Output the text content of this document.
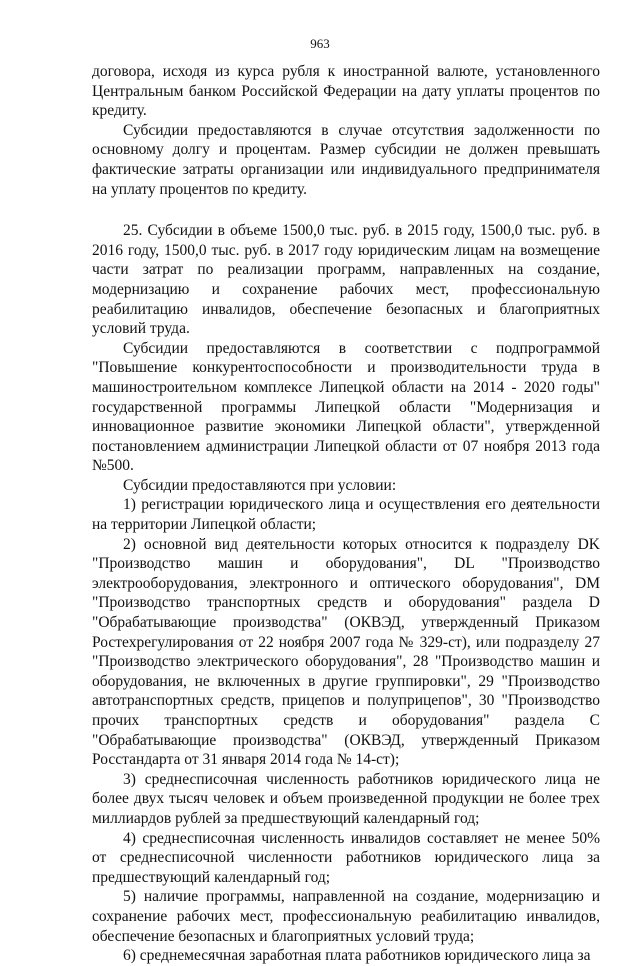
963

договора, исходя из курса рубля к иностранной валюте, установленного Центральным банком Российской Федерации на дату уплаты процентов по кредиту.

Субсидии предоставляются в случае отсутствия задолженности по основному долгу и процентам. Размер субсидии не должен превышать фактические затраты организации или индивидуального предпринимателя на уплату процентов по кредиту.

25. Субсидии в объеме 1500,0 тыс. руб. в 2015 году, 1500,0 тыс. руб. в 2016 году, 1500,0 тыс. руб. в 2017 году юридическим лицам на возмещение части затрат по реализации программ, направленных на создание, модернизацию и сохранение рабочих мест, профессиональную реабилитацию инвалидов, обеспечение безопасных и благоприятных условий труда.

Субсидии предоставляются в соответствии с подпрограммой "Повышение конкурентоспособности и производительности труда в машиностроительном комплексе Липецкой области на 2014 - 2020 годы" государственной программы Липецкой области "Модернизация и инновационное развитие экономики Липецкой области", утвержденной постановлением администрации Липецкой области от 07 ноября 2013 года №500.

Субсидии предоставляются при условии:

1) регистрации юридического лица и осуществления его деятельности на территории Липецкой области;

2) основной вид деятельности которых относится к подразделу DK "Производство машин и оборудования", DL "Производство электрооборудования, электронного и оптического оборудования", DM "Производство транспортных средств и оборудования" раздела D "Обрабатывающие производства" (ОКВЭД, утвержденный Приказом Ростехрегулирования от 22 ноября 2007 года № 329-ст), или подразделу 27 "Производство электрического оборудования", 28 "Производство машин и оборудования, не включенных в другие группировки", 29 "Производство автотранспортных средств, прицепов и полуприцепов", 30 "Производство прочих транспортных средств и оборудования" раздела С "Обрабатывающие производства" (ОКВЭД, утвержденный Приказом Росстандарта от 31 января 2014 года № 14-ст);

3) среднесписочная численность работников юридического лица не более двух тысяч человек и объем произведенной продукции не более трех миллиардов рублей за предшествующий календарный год;

4) среднесписочная численность инвалидов составляет не менее 50% от среднесписочной численности работников юридического лица за предшествующий календарный год;

5) наличие программы, направленной на создание, модернизацию и сохранение рабочих мест, профессиональную реабилитацию инвалидов, обеспечение безопасных и благоприятных условий труда;

6) среднемесячная заработная плата работников юридического лица за
